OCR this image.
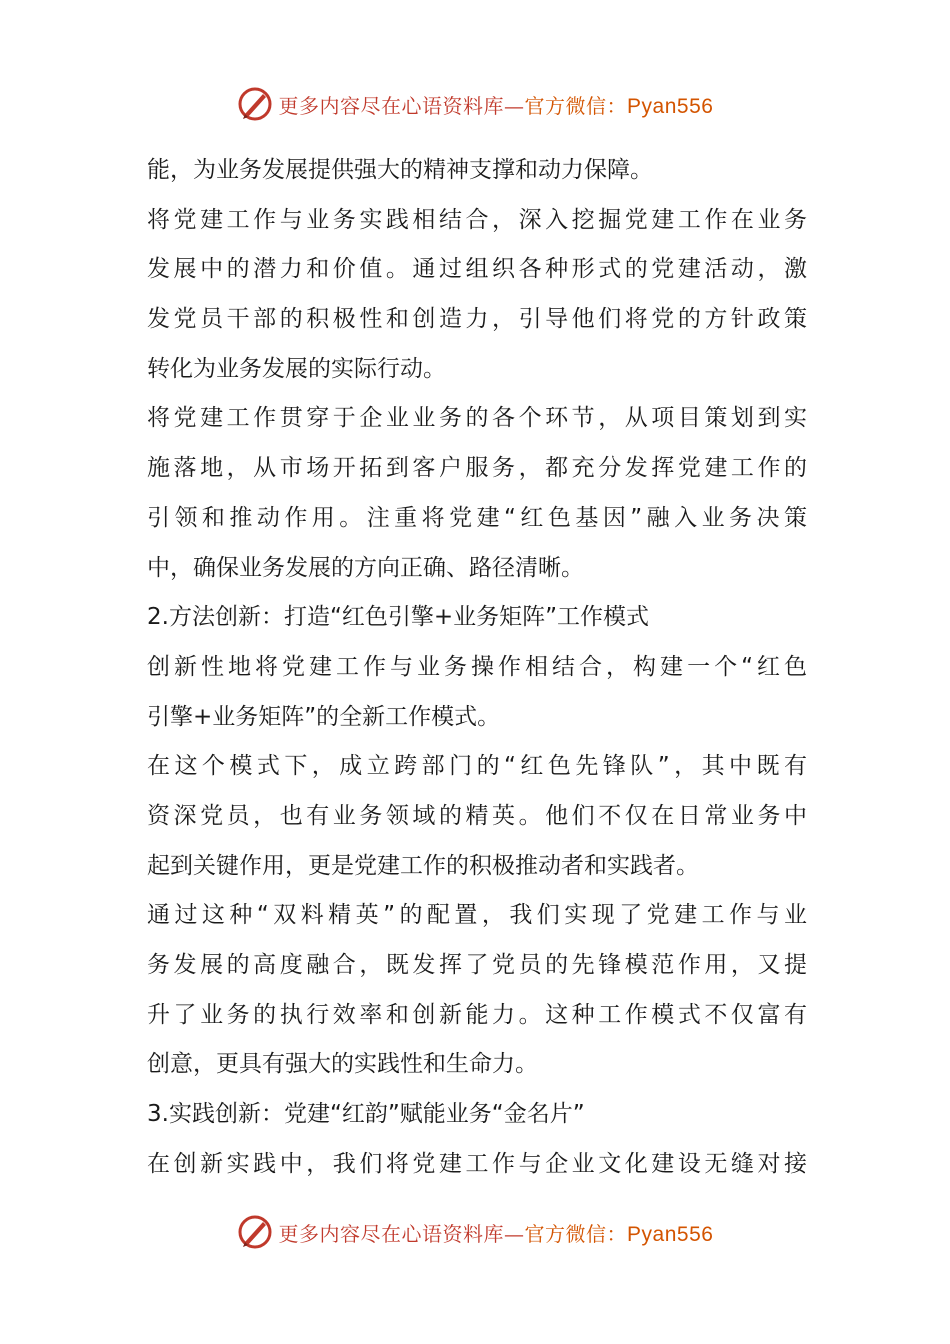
更多内容尽在心语资料库—官方微信：Pyan556
能，为业务发展提供强大的精神支撑和动力保障。
将党建工作与业务实践相结合，深入挖掘党建工作在业务
发展中的潜力和价值。通过组织各种形式的党建活动，激
发党员干部的积极性和创造力，引导他们将党的方针政策
转化为业务发展的实际行动。
将党建工作贯穿于企业业务的各个环节，从项目策划到实
施落地，从市场开拓到客户服务，都充分发挥党建工作的
引领和推动作用。注重将党建“红色基因”融入业务决策
中，确保业务发展的方向正确、路径清晰。
2.方法创新：打造“红色引擎+业务矩阵”工作模式
创新性地将党建工作与业务操作相结合，构建一个“红色
引擎+业务矩阵”的全新工作模式。
在这个模式下，成立跨部门的“红色先锋队”，其中既有
资深党员，也有业务领域的精英。他们不仅在日常业务中
起到关键作用，更是党建工作的积极推动者和实践者。
通过这种“双料精英”的配置，我们实现了党建工作与业
务发展的高度融合，既发挥了党员的先锋模范作用，又提
升了业务的执行效率和创新能力。这种工作模式不仅富有
创意，更具有强大的实践性和生命力。
3.实践创新：党建“红韵”赋能业务“金名片”
在创新实践中，我们将党建工作与企业文化建设无缝对接
更多内容尽在心语资料库—官方微信：Pyan556
